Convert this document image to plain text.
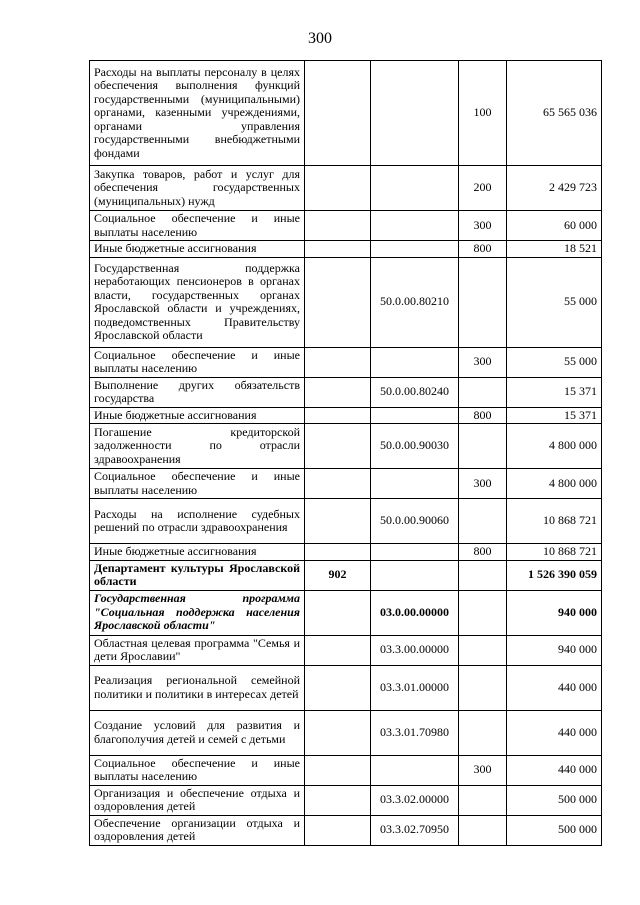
300
Расходы на выплаты персоналу в целях обеспечения выполнения функций государственными (муниципальными) органами, казенными учреждениями, органами управления государственными внебюджетными фондами			100	65 565 036
Закупка товаров, работ и услуг для обеспечения государственных (муниципальных) нужд			200	2 429 723
Социальное обеспечение и иные выплаты населению			300	60 000
Иные бюджетные ассигнования			800	18 521
Государственная поддержка неработающих пенсионеров в органах власти, государственных органах Ярославской области и учреждениях, подведомственных Правительству Ярославской области		50.0.00.80210		55 000
Социальное обеспечение и иные выплаты населению			300	55 000
Выполнение других обязательств государства		50.0.00.80240		15 371
Иные бюджетные ассигнования			800	15 371
Погашение кредиторской задолженности по отрасли здравоохранения		50.0.00.90030		4 800 000
Социальное обеспечение и иные выплаты населению			300	4 800 000
Расходы на исполнение судебных решений по отрасли здравоохранения		50.0.00.90060		10 868 721
Иные бюджетные ассигнования			800	10 868 721
Департамент культуры Ярославской области	902			1 526 390 059
Государственная программа "Социальная поддержка населения Ярославской области"		03.0.00.00000		940 000
Областная целевая программа "Семья и дети Ярославии"		03.3.00.00000		940 000
Реализация региональной семейной политики и политики в интересах детей		03.3.01.00000		440 000
Создание условий для развития и благополучия детей и семей с детьми		03.3.01.70980		440 000
Социальное обеспечение и иные выплаты населению			300	440 000
Организация и обеспечение отдыха и оздоровления детей		03.3.02.00000		500 000
Обеспечение организации отдыха и оздоровления детей		03.3.02.70950		500 000
